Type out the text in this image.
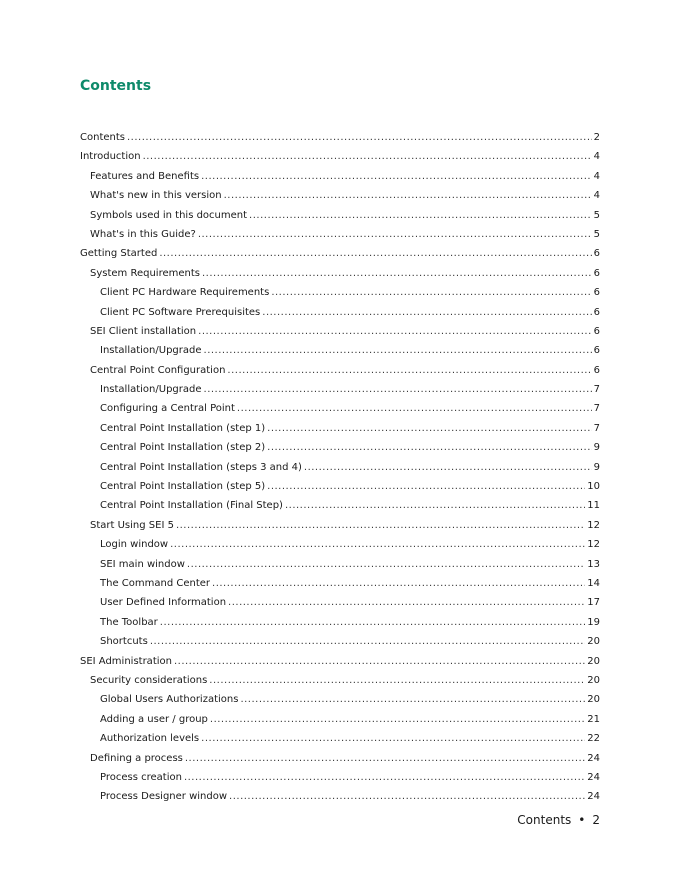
Contents
Contents .....	2
Introduction .....	4
Features and Benefits .....	4
What's new in this version .....	4
Symbols used in this document .....	5
What's in this Guide? .....	5
Getting Started .....	6
System Requirements .....	6
Client PC Hardware Requirements .....	6
Client PC Software Prerequisites .....	6
SEI Client installation .....	6
Installation/Upgrade .....	6
Central Point Configuration .....	6
Installation/Upgrade .....	7
Configuring a Central Point .....	7
Central Point Installation (step 1) .....	7
Central Point Installation (step 2) .....	9
Central Point Installation (steps 3 and 4) .....	9
Central Point Installation (step 5) .....	10
Central Point Installation (Final Step) .....	11
Start Using SEI 5 .....	12
Login window .....	12
SEI main window .....	13
The Command Center .....	14
User Defined Information .....	17
The Toolbar .....	19
Shortcuts .....	20
SEI Administration .....	20
Security considerations .....	20
Global Users Authorizations .....	20
Adding a user / group .....	21
Authorization levels .....	22
Defining a process .....	24
Process creation .....	24
Process Designer window .....	24
Contents • 2
